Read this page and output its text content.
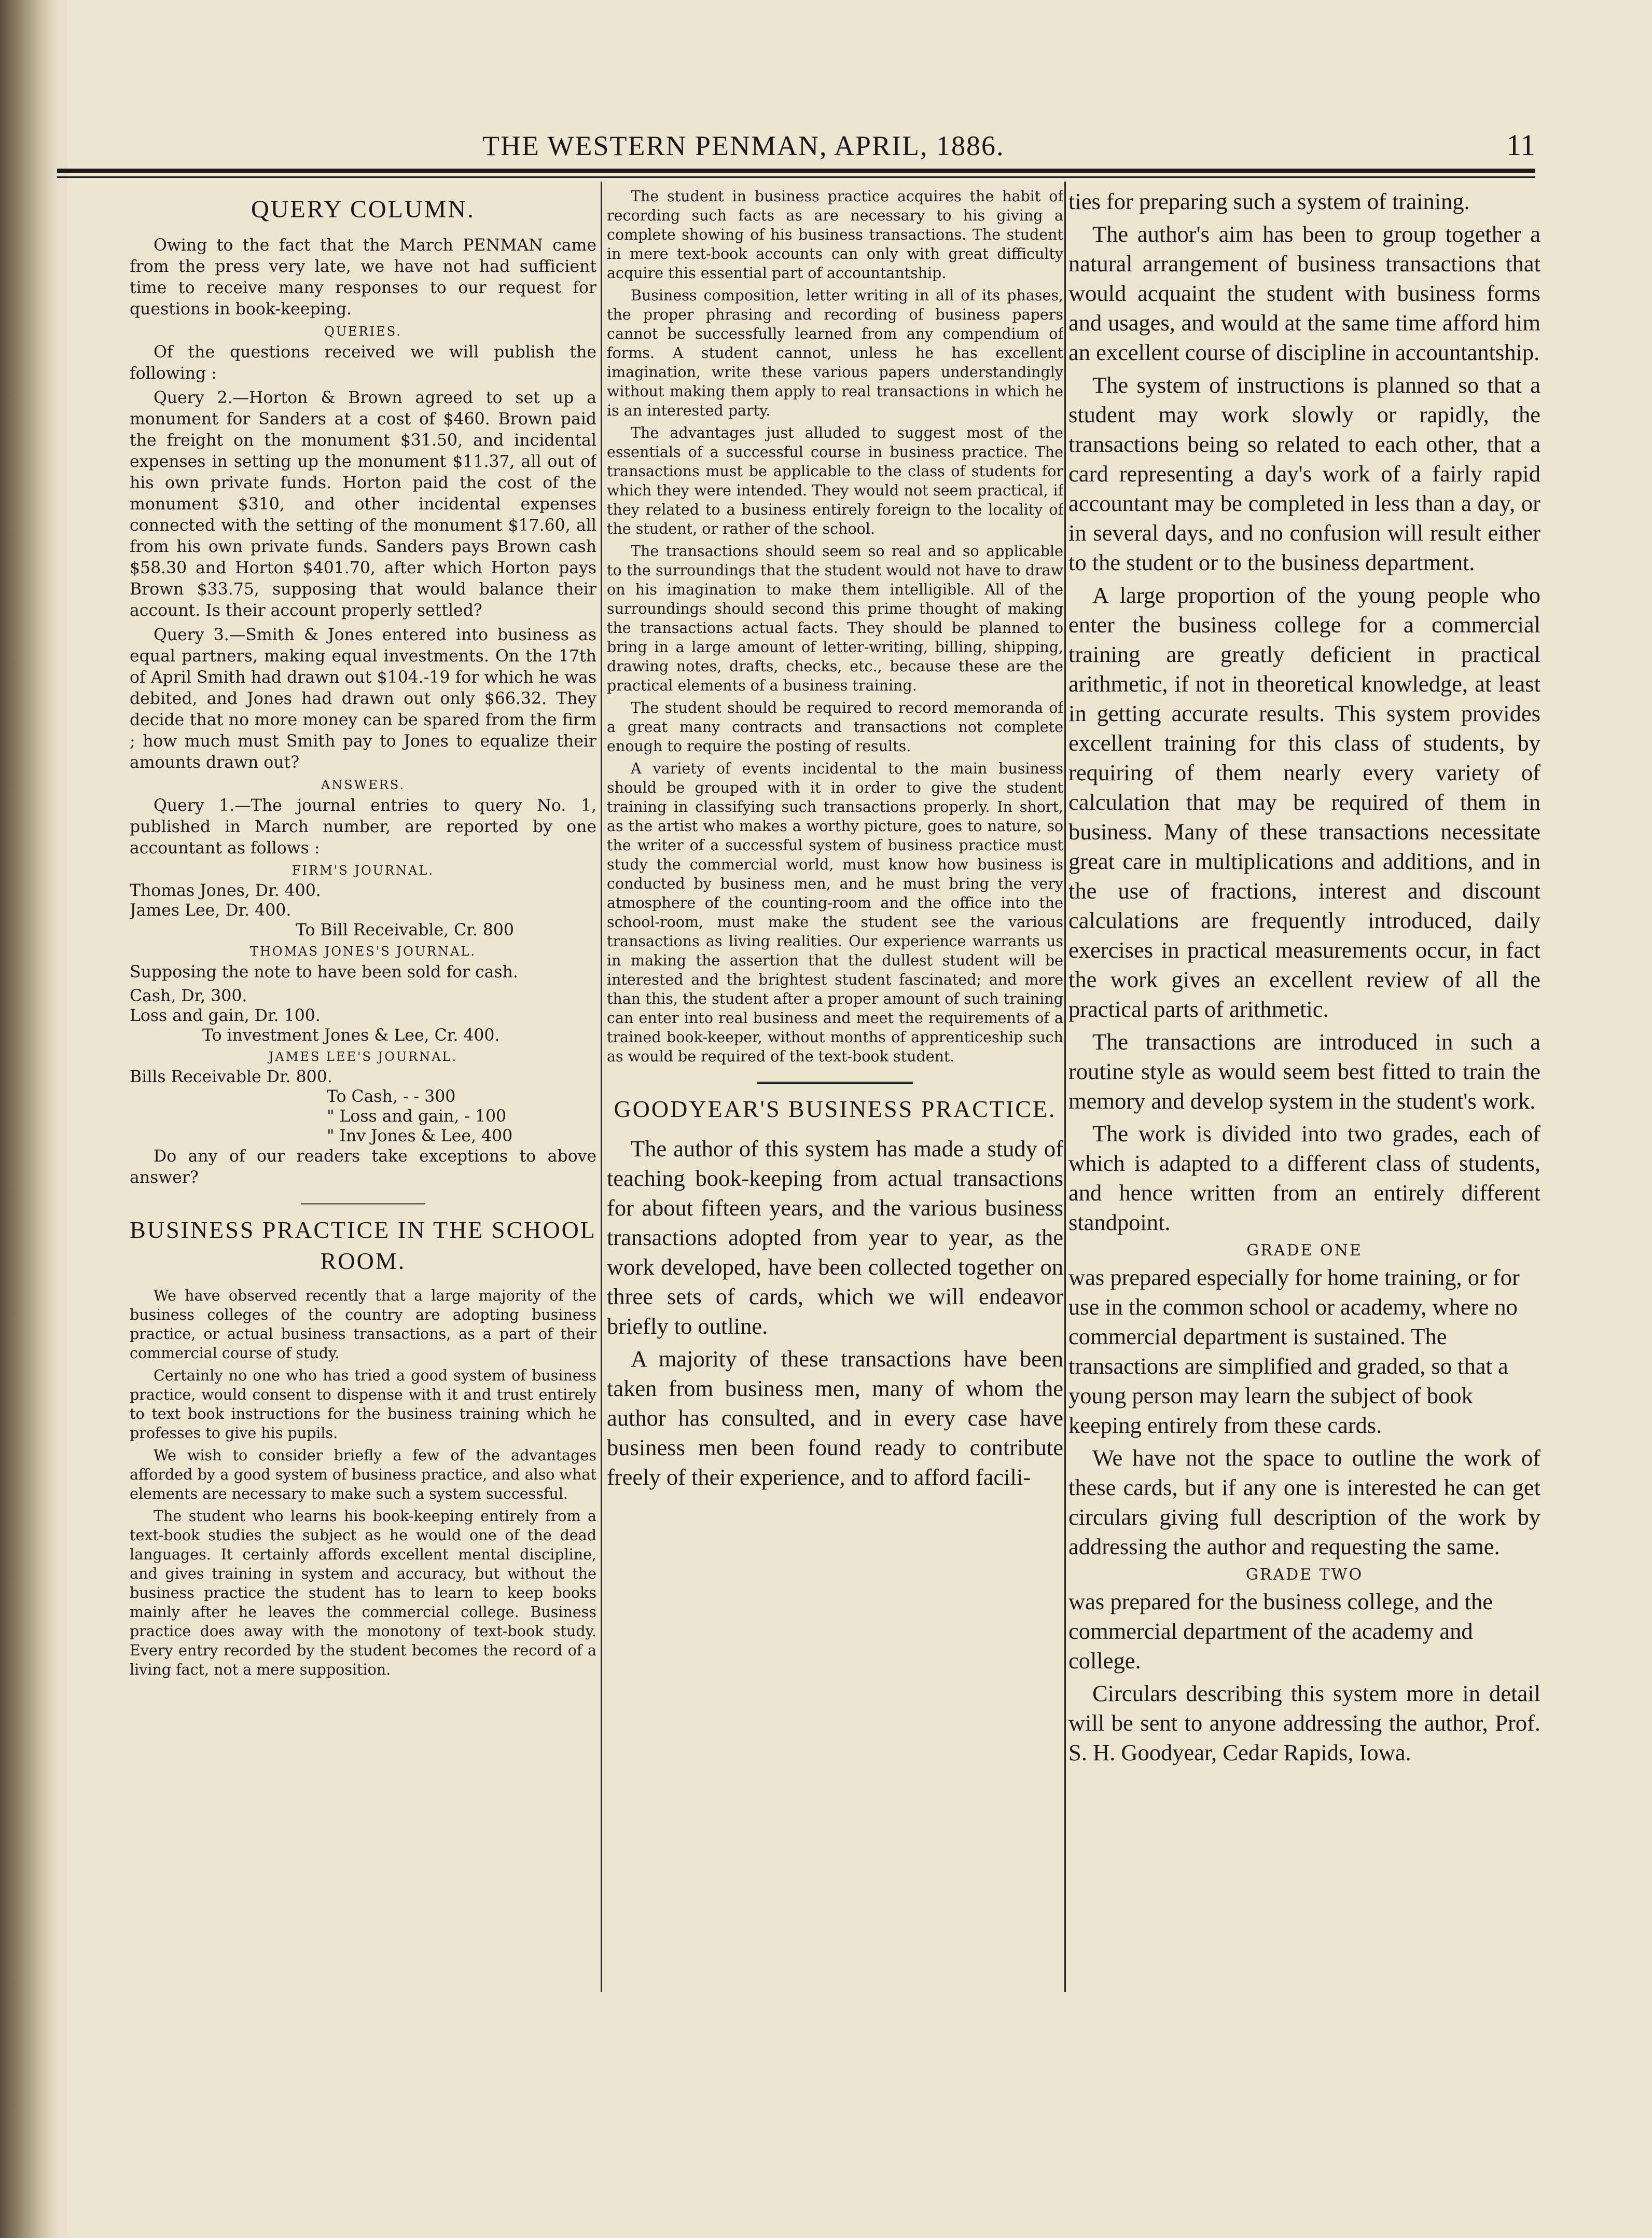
THE WESTERN PENMAN, APRIL, 1886.	11
QUERY COLUMN.

Owing to the fact that the March PENMAN came from the press very late, we have not had sufficient time to receive many responses to our request for questions in book-keeping.

QUERIES.

Of the questions received we will publish the following :

Query 2.—Horton & Brown agreed to set up a monument for Sanders at a cost of $460. Brown paid the freight on the monument $31.50, and incidental expenses in setting up the monument $11.37, all out of his own private funds. Horton paid the cost of the monument $310, and other incidental expenses connected with the setting of the monument $17.60, all from his own private funds. Sanders pays Brown cash $58.30 and Horton $401.70, after which Horton pays Brown $33.75, supposing that would balance their account. Is their account properly settled?

Query 3.—Smith & Jones entered into business as equal partners, making equal investments. On the 17th of April Smith had drawn out $104.-19 for which he was debited, and Jones had drawn out only $66.32. They decide that no more money can be spared from the firm ; how much must Smith pay to Jones to equalize their amounts drawn out?

ANSWERS.

Query 1.—The journal entries to query No. 1, published in March number, are reported by one accountant as follows :

FIRM'S JOURNAL.
Thomas Jones, Dr. 400.
James Lee, Dr. 400.
To Bill Receivable, Cr. 800
THOMAS JONES'S JOURNAL.

Supposing the note to have been sold for cash.

Cash, Dr, 300.
Loss and gain, Dr. 100.
To investment Jones & Lee, Cr. 400.
JAMES LEE'S JOURNAL.
Bills Receivable Dr. 800.
To Cash, - - 300
" Loss and gain, - 100
" Inv Jones & Lee, 400

Do any of our readers take exceptions to above answer?

BUSINESS PRACTICE IN THE SCHOOL ROOM.

We have observed recently that a large majority of the business colleges of the country are adopting business practice, or actual business transactions, as a part of their commercial course of study.

Certainly no one who has tried a good system of business practice, would consent to dispense with it and trust entirely to text book instructions for the business training which he professes to give his pupils.

We wish to consider briefly a few of the advantages afforded by a good system of business practice, and also what elements are necessary to make such a system successful.

The student who learns his book-keeping entirely from a text-book studies the subject as he would one of the dead languages. It certainly affords excellent mental discipline, and gives training in system and accuracy, but without the business practice the student has to learn to keep books mainly after he leaves the commercial college. Business practice does away with the monotony of text-book study. Every entry recorded by the student becomes the record of a living fact, not a mere supposition.

The student in business practice acquires the habit of recording such facts as are necessary to his giving a complete showing of his business transactions. The student in mere text-book accounts can only with great difficulty acquire this essential part of accountantship.

Business composition, letter writing in all of its phases, the proper phrasing and recording of business papers cannot be successfully learned from any compendium of forms. A student cannot, unless he has excellent imagination, write these various papers understandingly without making them apply to real transactions in which he is an interested party.

The advantages just alluded to suggest most of the essentials of a successful course in business practice. The transactions must be applicable to the class of students for which they were intended. They would not seem practical, if they related to a business entirely foreign to the locality of the student, or rather of the school.

The transactions should seem so real and so applicable to the surroundings that the student would not have to draw on his imagination to make them intelligible. All of the surroundings should second this prime thought of making the transactions actual facts. They should be planned to bring in a large amount of letter-writing, billing, shipping, drawing notes, drafts, checks, etc., because these are the practical elements of a business training.

The student should be required to record memoranda of a great many contracts and transactions not complete enough to require the posting of results.

A variety of events incidental to the main business should be grouped with it in order to give the student training in classifying such transactions properly. In short, as the artist who makes a worthy picture, goes to nature, so the writer of a successful system of business practice must study the commercial world, must know how business is conducted by business men, and he must bring the very atmosphere of the counting-room and the office into the school-room, must make the student see the various transactions as living realities. Our experience warrants us in making the assertion that the dullest student will be interested and the brightest student fascinated; and more than this, the student after a proper amount of such training can enter into real business and meet the requirements of a trained book-keeper, without months of apprenticeship such as would be required of the text-book student.

GOODYEAR'S BUSINESS PRACTICE.

The author of this system has made a study of teaching book-keeping from actual transactions for about fifteen years, and the various business transactions adopted from year to year, as the work developed, have been collected together on three sets of cards, which we will endeavor briefly to outline.

A majority of these transactions have been taken from business men, many of whom the author has consulted, and in every case have business men been found ready to contribute freely of their experience, and to afford facili-

ties for preparing such a system of training.

The author's aim has been to group together a natural arrangement of business transactions that would acquaint the student with business forms and usages, and would at the same time afford him an excellent course of discipline in accountantship.

The system of instructions is planned so that a student may work slowly or rapidly, the transactions being so related to each other, that a card representing a day's work of a fairly rapid accountant may be completed in less than a day, or in several days, and no confusion will result either to the student or to the business department.

A large proportion of the young people who enter the business college for a commercial training are greatly deficient in practical arithmetic, if not in theoretical knowledge, at least in getting accurate results. This system provides excellent training for this class of students, by requiring of them nearly every variety of calculation that may be required of them in business. Many of these transactions necessitate great care in multiplications and additions, and in the use of fractions, interest and discount calculations are frequently introduced, daily exercises in practical measurements occur, in fact the work gives an excellent review of all the practical parts of arithmetic.

The transactions are introduced in such a routine style as would seem best fitted to train the memory and develop system in the student's work.

The work is divided into two grades, each of which is adapted to a different class of students, and hence written from an entirely different standpoint.

GRADE ONE

was prepared especially for home training, or for use in the common school or academy, where no commercial department is sustained. The transactions are simplified and graded, so that a young person may learn the subject of book keeping entirely from these cards.

We have not the space to outline the work of these cards, but if any one is interested he can get circulars giving full description of the work by addressing the author and requesting the same.

GRADE TWO

was prepared for the business college, and the commercial department of the academy and college.

Circulars describing this system more in detail will be sent to anyone addressing the author, Prof. S. H. Goodyear, Cedar Rapids, Iowa.
